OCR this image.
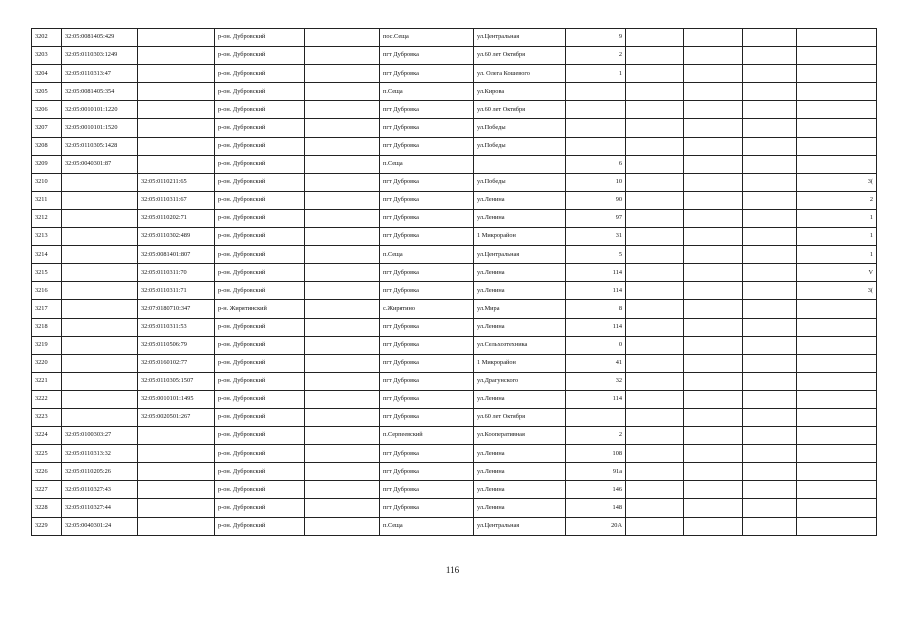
3202	32:05:0081405:429		р-он. Дубровский		пос.Сеща	ул.Центральная	9				
3203	32:05:0110303:1249		р-он. Дубровский		пгт Дубровка	ул.60 лет Октября	2				
3204	32:05:0110313:47		р-он. Дубровский		пгт Дубровка	ул. Олега Кошевого	1				
3205	32:05:0081405:354		р-он. Дубровский		п.Сеща	ул.Кирова					
3206	32:05:0010101:1220		р-он. Дубровский		пгт Дубровка	ул.60 лет Октября					
3207	32:05:0010101:1520		р-он. Дубровский		пгт Дубровка	ул.Победы					
3208	32:05:0110305:1428		р-он. Дубровский		пгт Дубровка	ул.Победы					
3209	32:05:0040301:87		р-он. Дубровский		п.Сеща		6				
3210		32:05:0110211:65	р-он. Дубровский		пгт Дубровка	ул.Победы	10				3(
3211		32:05:0110311:67	р-он. Дубровский		пгт Дубровка	ул.Ленина	90				2
3212		32:05:0110202:71	р-он. Дубровский		пгт Дубровка	ул.Ленина	97				1
3213		32:05:0110302:489	р-он. Дубровский		пгт Дубровка	1 Микрорайон	31				1
3214		32:05:0081401:807	р-он. Дубровский		п.Сеща	ул.Центральная	5				1
3215		32:05:0110311:70	р-он. Дубровский		пгт Дубровка	ул.Ленина	114				V
3216		32:05:0110311:71	р-он. Дубровский		пгт Дубровка	ул.Ленина	114				3(
3217		32:07:0180710:347	р-н. Жирятинский		с.Жирятино	ул.Мира	8				
3218		32:05:0110311:53	р-он. Дубровский		пгт Дубровка	ул.Ленина	114				
3219		32:05:0110506:79	р-он. Дубровский		пгт Дубровка	ул.Сельхозтехника	0				
3220		32:05:0160102:77	р-он. Дубровский		пгт Дубровка	1 Микрорайон	41				
3221		32:05:0110305:1507	р-он. Дубровский		пгт Дубровка	ул.Драгунского	32				
3222		32:05:0010101:1495	р-он. Дубровский		пгт Дубровка	ул.Ленина	114				
3223		32:05:0020501:267	р-он. Дубровский		пгт Дубровка	ул.60 лет Октября					
3224	32:05:0100303:27		р-он. Дубровский		п.Серпеевский	ул.Кооперативная	2				
3225	32:05:0110313:32		р-он. Дубровский		пгт Дубровка	ул.Ленина	108				
3226	32:05:0110205:26		р-он. Дубровский		пгт Дубровка	ул.Ленина	91а				
3227	32:05:0110327:43		р-он. Дубровский		пгт Дубровка	ул.Ленина	146				
3228	32:05:0110327:44		р-он. Дубровский		пгт Дубровка	ул.Ленина	148				
3229	32:05:0040301:24		р-он. Дубровский		п.Сеща	ул.Центральная	20А				
116
